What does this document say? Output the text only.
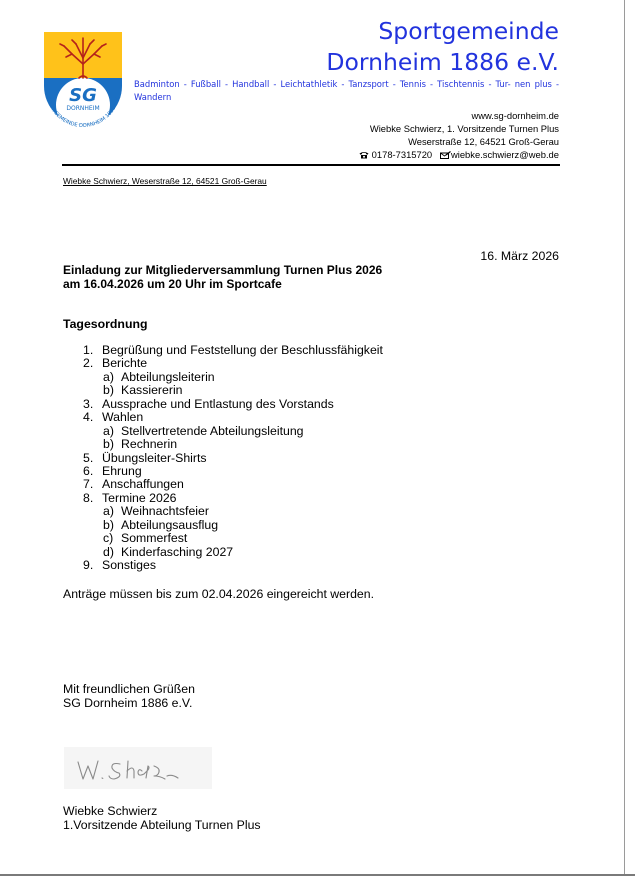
SG
DORNHEIM
SPORTGEMEINDE DORNHEIM 1886 e.V.
Sportgemeinde
Dornheim 1886 e.V.
Badminton - Fußball - Handball - Leichtathletik - Tanzsport - Tennis - Tischtennis - Tur- nen plus - Wandern
www.sg-dornheim.de
Wiebke Schwierz, 1. Vorsitzende Turnen Plus
Weserstraße 12, 64521 Groß-Gerau
0178-7315720 wiebke.schwierz@web.de
Wiebke Schwierz, Weserstraße 12, 64521 Groß-Gerau
16. März 2026
Einladung zur Mitgliederversammlung Turnen Plus 2026
am 16.04.2026 um 20 Uhr im Sportcafe
Tagesordnung
1. Begrüßung und Feststellung der Beschlussfähigkeit
2. Berichte
a) Abteilungsleiterin
b) Kassiererin
3. Aussprache und Entlastung des Vorstands
4. Wahlen
a) Stellvertretende Abteilungsleitung
b) Rechnerin
5. Übungsleiter-Shirts
6. Ehrung
7. Anschaffungen
8. Termine 2026
a) Weihnachtsfeier
b) Abteilungsausflug
c) Sommerfest
d) Kinderfasching 2027
9. Sonstiges
Anträge müssen bis zum 02.04.2026 eingereicht werden.
Mit freundlichen Grüßen
SG Dornheim 1886 e.V.
Wiebke Schwierz
1.Vorsitzende Abteilung Turnen Plus
